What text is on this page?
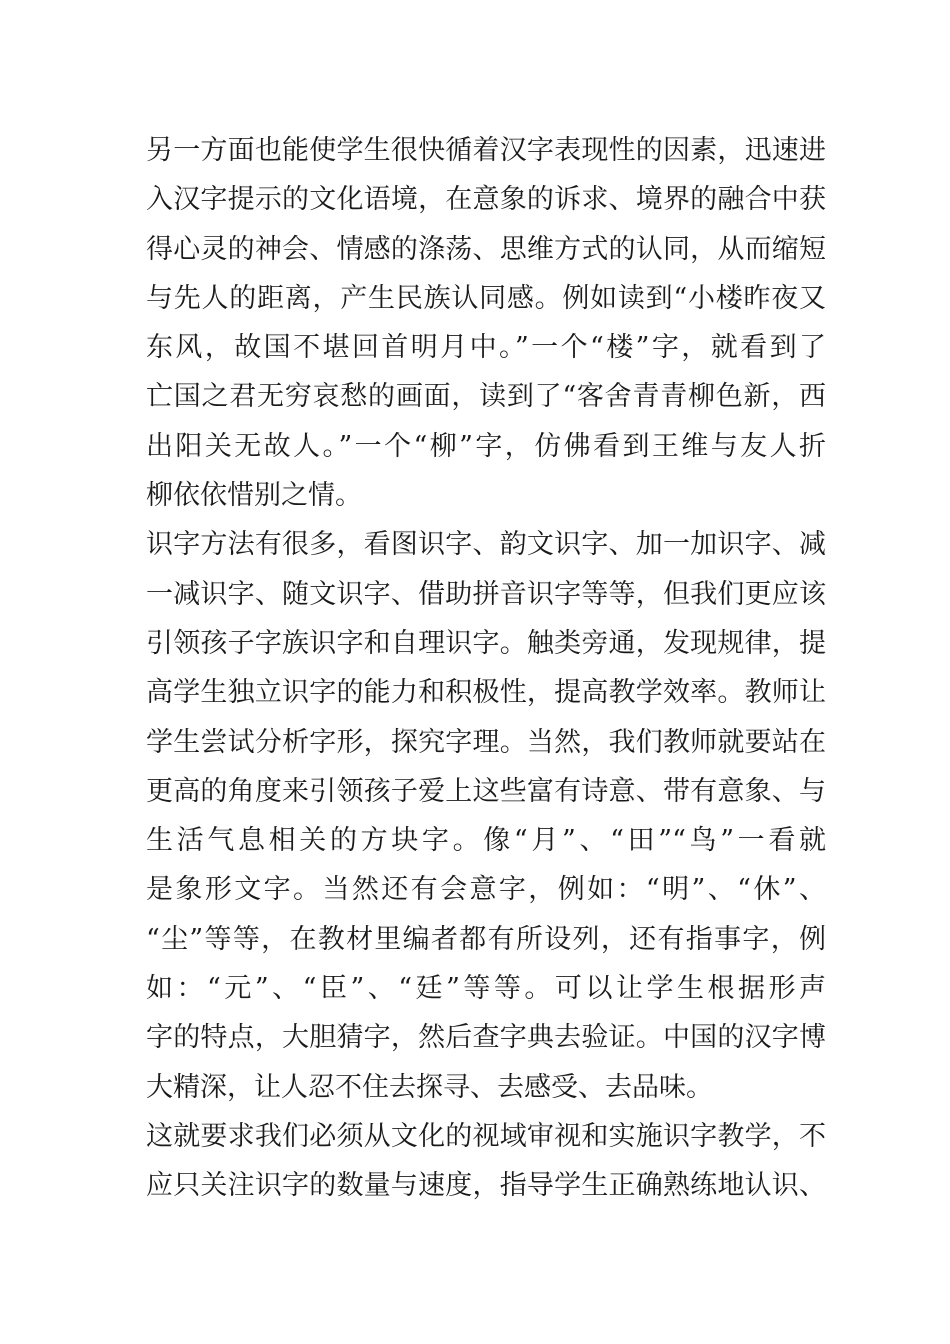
另一方面也能使学生很快循着汉字表现性的因素，迅速进
入汉字提示的文化语境，在意象的诉求、境界的融合中获
得心灵的神会、情感的涤荡、思维方式的认同，从而缩短
与先人的距离，产生民族认同感。例如读到“小楼昨夜又
东风，故国不堪回首明月中。”一个“楼”字，就看到了
亡国之君无穷哀愁的画面，读到了“客舍青青柳色新，西
出阳关无故人。”一个“柳”字，仿佛看到王维与友人折
柳依依惜别之情。
识字方法有很多，看图识字、韵文识字、加一加识字、减
一减识字、随文识字、借助拼音识字等等，但我们更应该
引领孩子字族识字和自理识字。触类旁通，发现规律，提
高学生独立识字的能力和积极性，提高教学效率。教师让
学生尝试分析字形，探究字理。当然，我们教师就要站在
更高的角度来引领孩子爱上这些富有诗意、带有意象、与
生活气息相关的方块字。像“月”、“田”“鸟”一看就
是象形文字。当然还有会意字，例如：“明”、“休”、
“尘”等等，在教材里编者都有所设列，还有指事字，例
如：“元”、“臣”、“廷”等等。可以让学生根据形声
字的特点，大胆猜字，然后查字典去验证。中国的汉字博
大精深，让人忍不住去探寻、去感受、去品味。
这就要求我们必须从文化的视域审视和实施识字教学，不
应只关注识字的数量与速度，指导学生正确熟练地认识、
